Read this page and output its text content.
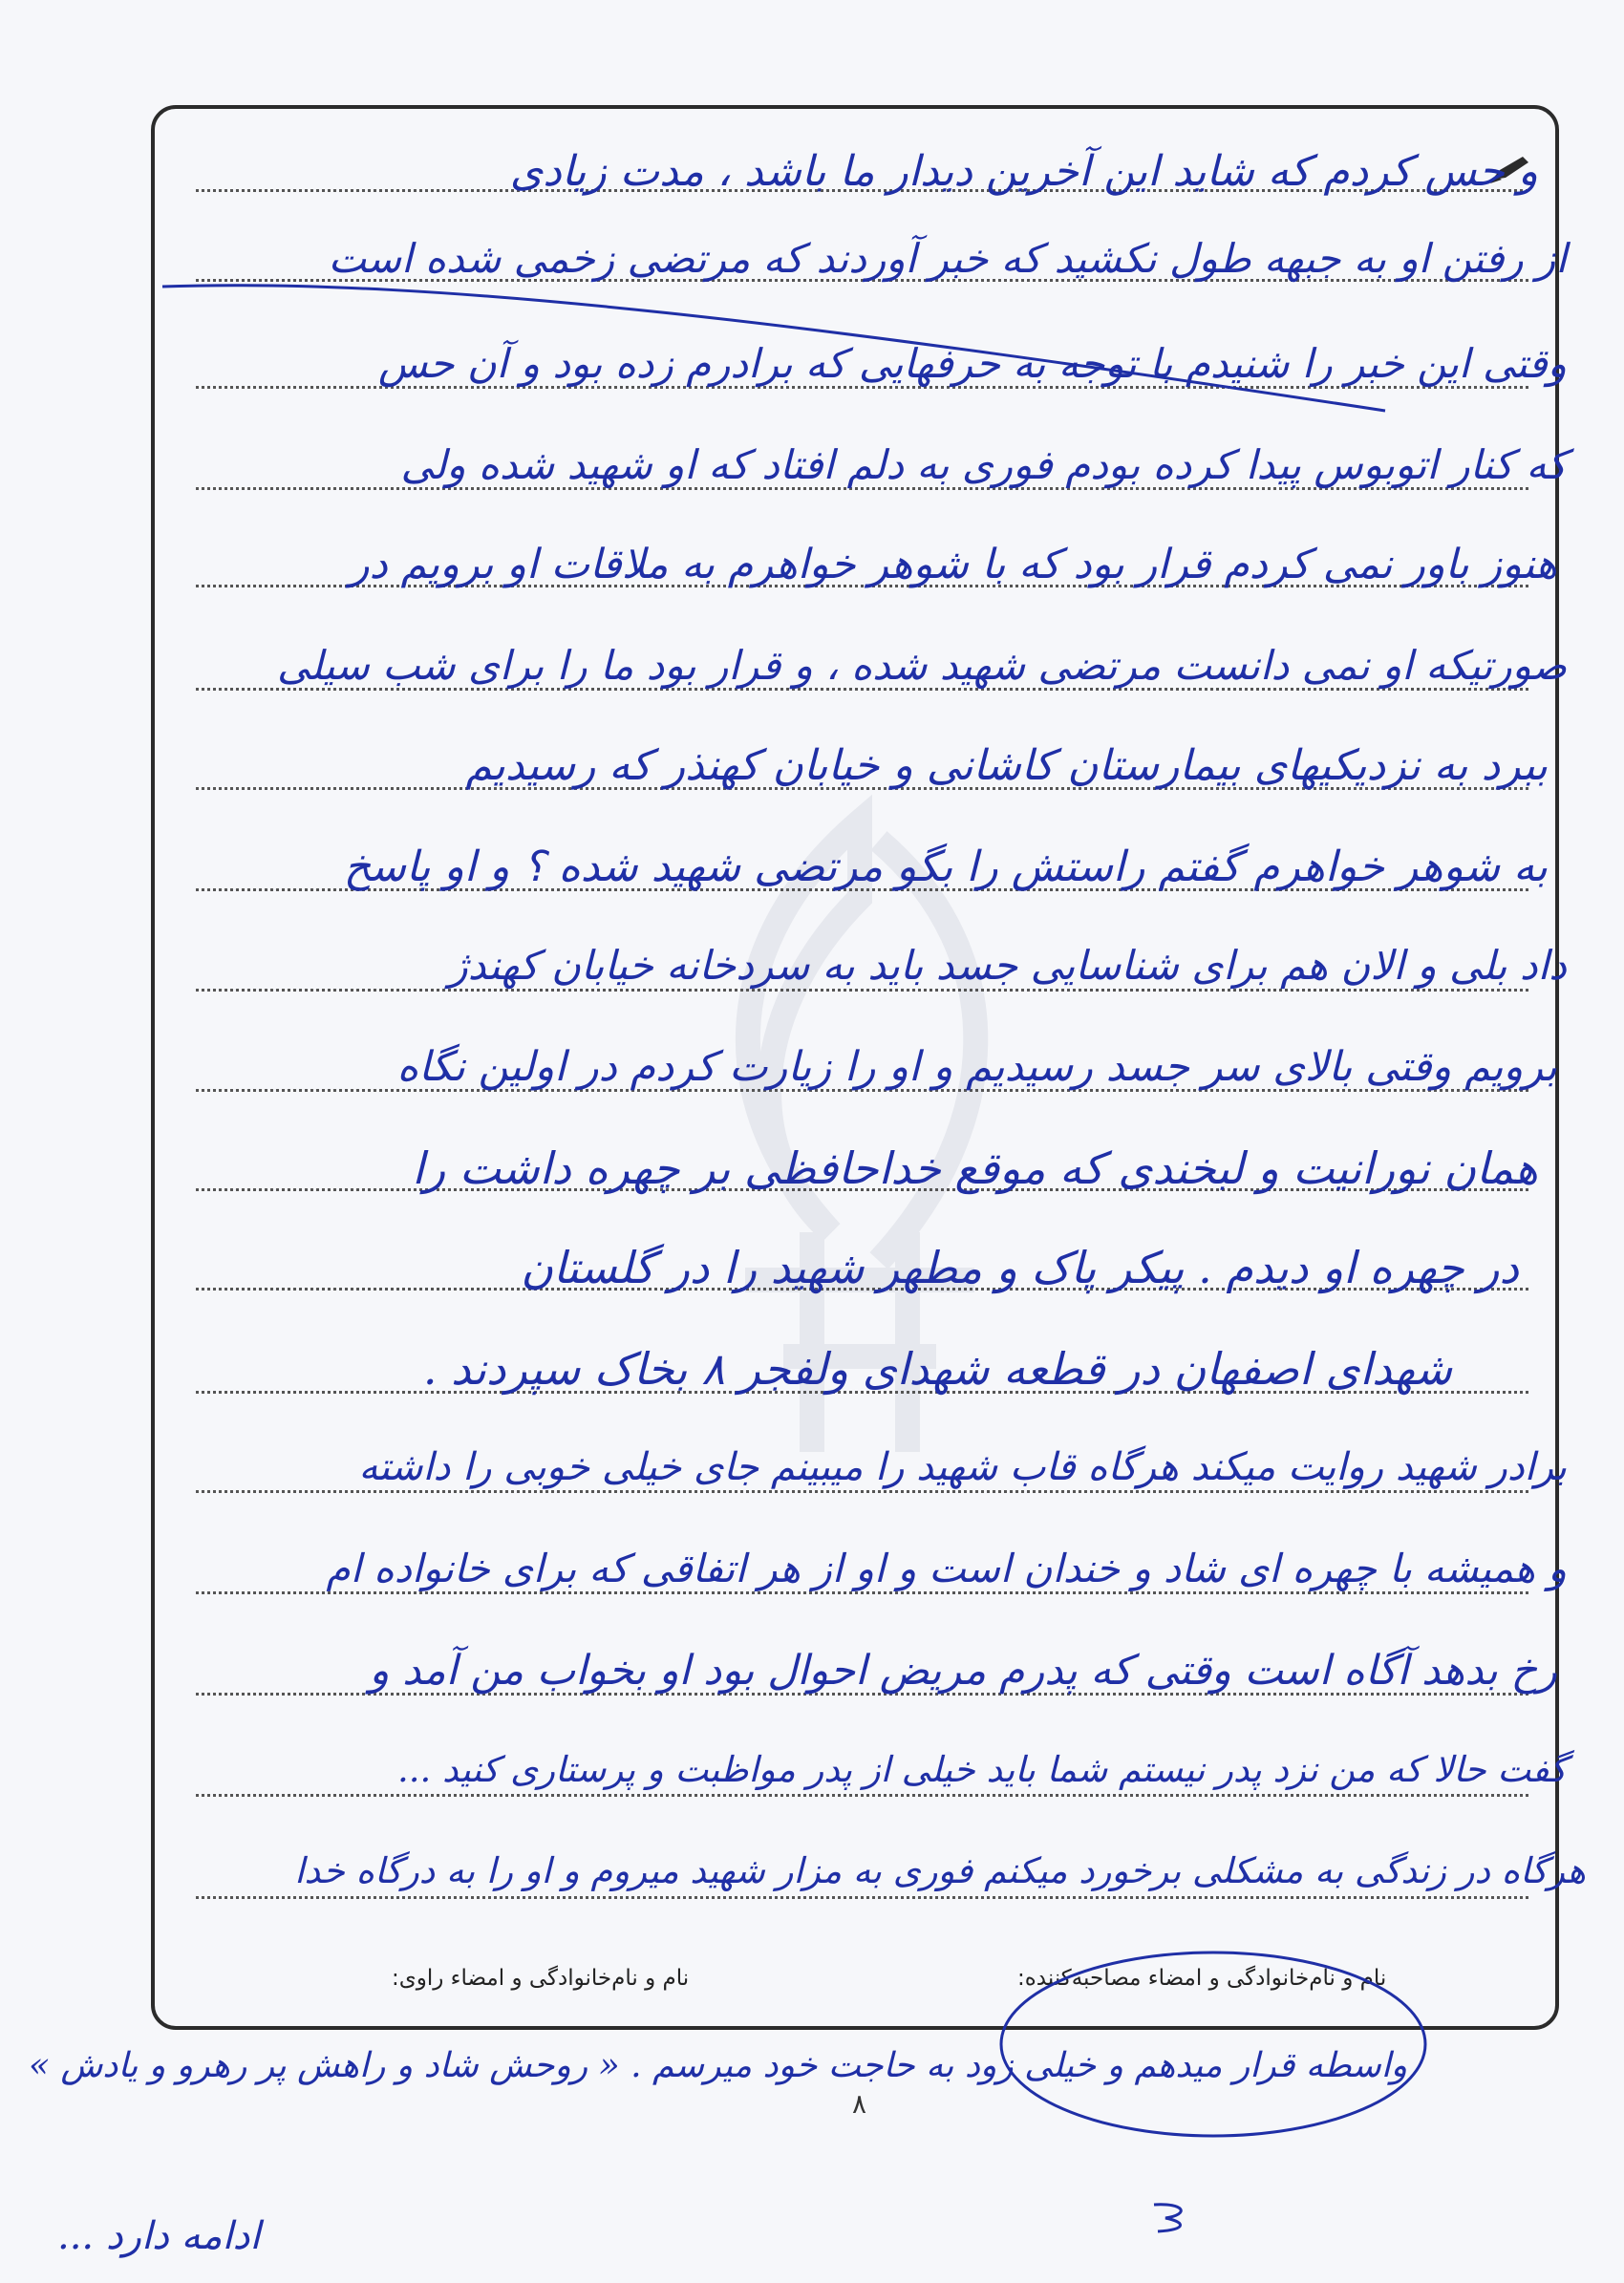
و حس کردم که شاید این آخرین دیدار ما باشد ، مدت زیادی
از رفتن او به جبهه طول نکشید که خبر آوردند که مرتضی زخمی شده است
وقتی این خبر را شنیدم با توجه به حرفهایی که برادرم زده بود و آن حس
که کنار اتوبوس پیدا کرده بودم فوری به دلم افتاد که او شهید شده ولی
هنوز باور نمی کردم قرار بود که با شوهر خواهرم به ملاقات او برویم در
صورتیکه او نمی دانست مرتضی شهید شده ، و قرار بود ما را برای شب سیلی
ببرد به نزدیکیهای بیمارستان کاشانی و خیابان کهنذر که رسیدیم
به شوهر خواهرم گفتم راستش را بگو مرتضی شهید شده ؟ و او پاسخ
داد بلی و الان هم برای شناسایی جسد باید به سردخانه خیابان کهندژ
برویم وقتی بالای سر جسد رسیدیم و او را زیارت کردم در اولین نگاه
همان نورانیت و لبخندی که موقع خداحافظی بر چهره داشت را
در چهره او دیدم . پیکر پاک و مطهر شهید را در گلستان
شهدای اصفهان در قطعه شهدای ولفجر ۸ بخاک سپردند .
برادر شهید روایت میکند هرگاه قاب شهید را میبینم جای خیلی خوبی را داشته
و همیشه با چهره ای شاد و خندان است و او از هر اتفاقی که برای خانواده ام
رخ بدهد آگاه است وقتی که پدرم مریض احوال بود او بخواب من آمد و
گفت حالا که من نزد پدر نیستم شما باید خیلی از پدر مواظبت و پرستاری کنید ...
هرگاه در زندگی به مشکلی برخورد میکنم فوری به مزار شهید میروم و او را به درگاه خدا
نام و نام‌خانوادگی و امضاء مصاحبه‌کننده:
نام و نام‌خانوادگی و امضاء راوی:
واسطه قرار میدهم و خیلی زود به حاجت خود میرسم . « روحش شاد و راهش پر رهرو و یادش »
۸
ادامه دارد ...
